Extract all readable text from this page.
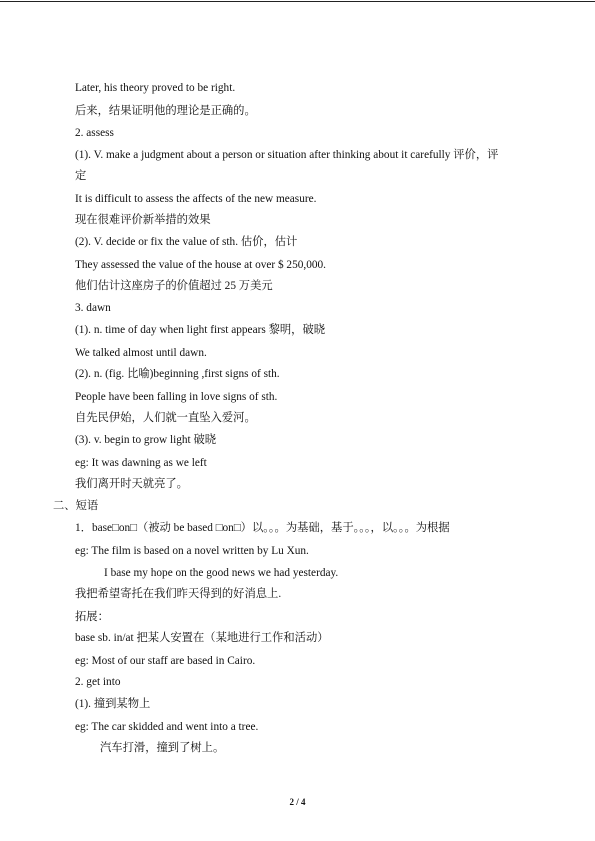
Later, his theory proved to be right.
后来，结果证明他的理论是正确的。
2. assess
(1). V. make a judgment about a person or situation after thinking about it carefully 评价，评
定
It is difficult to assess the affects of the new measure.
现在很难评价新举措的效果
(2). V. decide or fix the value of sth. 估价，估计
They assessed the value of the house at over $ 250,000.
他们估计这座房子的价值超过 25 万美元
3. dawn
(1). n. time of day when light first appears 黎明，破晓
We talked almost until dawn.
(2). n. (fig. 比喻)beginning ,first signs of sth.
People have been falling in love signs of sth.
自先民伊始，人们就一直坠入爱河。
(3). v. begin to grow light 破晓
eg: It was dawning as we left
我们离开时天就亮了。
二、短语
1．base□on□（被动 be based □on□）以。。。为基础，基于。。。，以。。。为根据
eg: The film is based on a novel written by Lu Xun.
I base my hope on the good news we had yesterday.
我把希望寄托在我们昨天得到的好消息上.
拓展：
base sb. in/at 把某人安置在（某地进行工作和活动）
eg: Most of our staff are based in Cairo.
2. get into
(1). 撞到某物上
eg: The car skidded and went into a tree.
汽车打滑，撞到了树上。
2 / 4
